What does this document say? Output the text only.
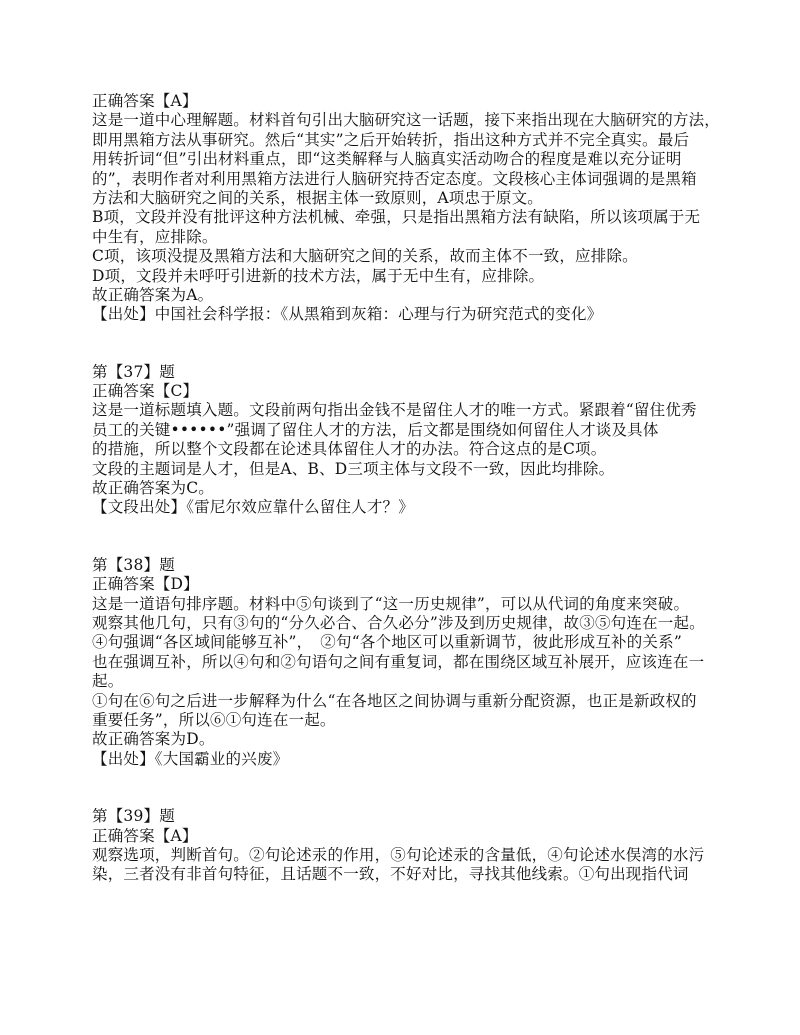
正确答案【A】
这是一道中心理解题。材料首句引出大脑研究这一话题，接下来指出现在大脑研究的方法，
即用黑箱方法从事研究。然后“其实”之后开始转折，指出这种方式并不完全真实。最后
用转折词“但”引出材料重点，即“这类解释与人脑真实活动吻合的程度是难以充分证明
的”，表明作者对利用黑箱方法进行人脑研究持否定态度。文段核心主体词强调的是黑箱
方法和大脑研究之间的关系，根据主体一致原则，A项忠于原文。
B项，文段并没有批评这种方法机械、牵强，只是指出黑箱方法有缺陷，所以该项属于无
中生有，应排除。
C项，该项没提及黑箱方法和大脑研究之间的关系，故而主体不一致，应排除。
D项，文段并未呼吁引进新的技术方法，属于无中生有，应排除。
故正确答案为A。
【出处】中国社会科学报：《从黑箱到灰箱：心理与行为研究范式的变化》
第【37】题
正确答案【C】
这是一道标题填入题。文段前两句指出金钱不是留住人才的唯一方式。紧跟着“留住优秀
员工的关键••••••”强调了留住人才的方法，后文都是围绕如何留住人才谈及具体
的措施，所以整个文段都在论述具体留住人才的办法。符合这点的是C项。
文段的主题词是人才，但是A、B、D三项主体与文段不一致，因此均排除。
故正确答案为C。
【文段出处】《雷尼尔效应靠什么留住人才？》
第【38】题
正确答案【D】
这是一道语句排序题。材料中⑤句谈到了“这一历史规律”，可以从代词的角度来突破。
观察其他几句，只有③句的“分久必合、合久必分”涉及到历史规律，故③⑤句连在一起。
④句强调“各区域间能够互补”，　②句“各个地区可以重新调节，彼此形成互补的关系”
也在强调互补，所以④句和②句语句之间有重复词，都在围绕区域互补展开，应该连在一
起。
①句在⑥句之后进一步解释为什么“在各地区之间协调与重新分配资源，也正是新政权的
重要任务”，所以⑥①句连在一起。
故正确答案为D。
【出处】《大国霸业的兴废》
第【39】题
正确答案【A】
观察选项，判断首句。②句论述汞的作用，⑤句论述汞的含量低，④句论述水俣湾的水污
染，三者没有非首句特征，且话题不一致，不好对比，寻找其他线索。①句出现指代词
